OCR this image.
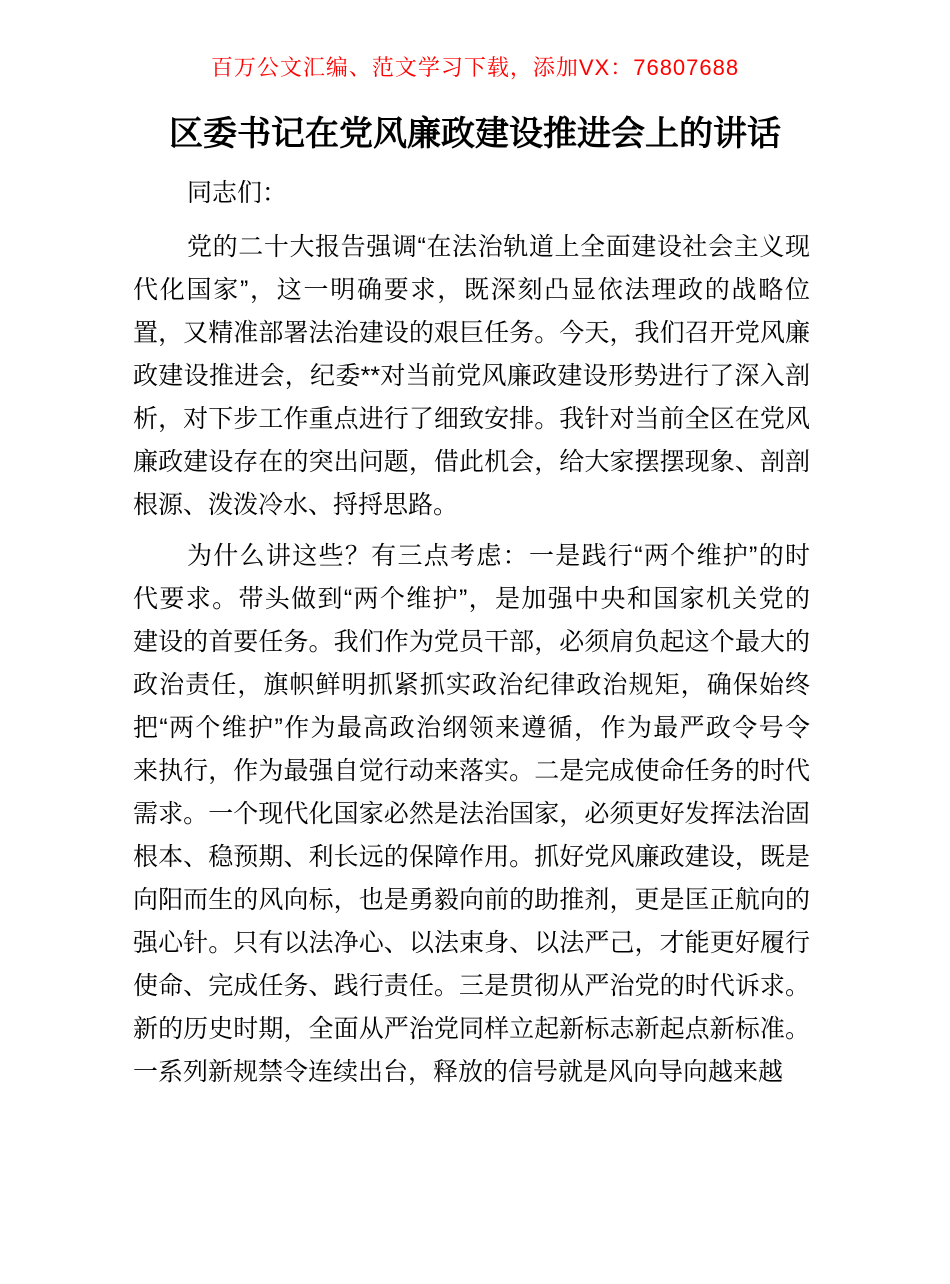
百万公文汇编、范文学习下载，添加VX：76807688
区委书记在党风廉政建设推进会上的讲话
同志们：
党的二十大报告强调“在法治轨道上全面建设社会主义现
代化国家”，这一明确要求，既深刻凸显依法理政的战略位
置，又精准部署法治建设的艰巨任务。今天，我们召开党风廉
政建设推进会，纪委**对当前党风廉政建设形势进行了深入剖
析，对下步工作重点进行了细致安排。我针对当前全区在党风
廉政建设存在的突出问题，借此机会，给大家摆摆现象、剖剖
根源、泼泼冷水、捋捋思路。
为什么讲这些？有三点考虑：一是践行“两个维护”的时
代要求。带头做到“两个维护”，是加强中央和国家机关党的
建设的首要任务。我们作为党员干部，必须肩负起这个最大的
政治责任，旗帜鲜明抓紧抓实政治纪律政治规矩，确保始终
把“两个维护”作为最高政治纲领来遵循，作为最严政令号令
来执行，作为最强自觉行动来落实。二是完成使命任务的时代
需求。一个现代化国家必然是法治国家，必须更好发挥法治固
根本、稳预期、利长远的保障作用。抓好党风廉政建设，既是
向阳而生的风向标，也是勇毅向前的助推剂，更是匡正航向的
强心针。只有以法净心、以法束身、以法严己，才能更好履行
使命、完成任务、践行责任。三是贯彻从严治党的时代诉求。
新的历史时期，全面从严治党同样立起新标志新起点新标准。
一系列新规禁令连续出台，释放的信号就是风向导向越来越
